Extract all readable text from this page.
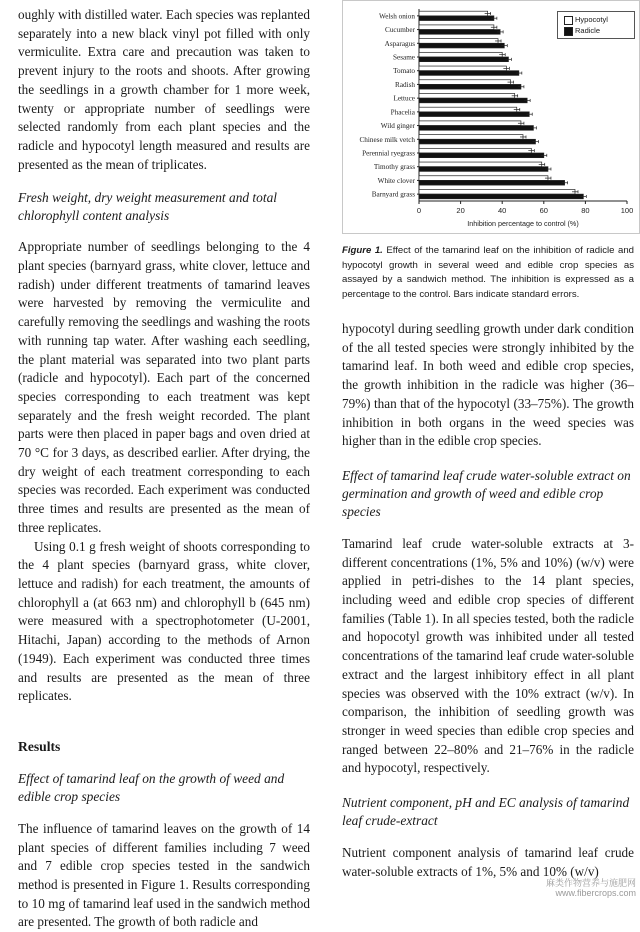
oughly with distilled water. Each species was replanted separately into a new black vinyl pot filled with only vermiculite. Extra care and precaution was taken to prevent injury to the roots and shoots. After growing the seedlings in a growth chamber for 1 more week, twenty or appropriate number of seedlings were selected randomly from each plant species and the radicle and hypocotyl length measured and results are presented as the mean of triplicates.

Fresh weight, dry weight measurement and total chlorophyll content analysis

Appropriate number of seedlings belonging to the 4 plant species (barnyard grass, white clover, lettuce and radish) under different treatments of tamarind leaves were harvested by removing the vermiculite and carefully removing the seedlings and washing the roots with running tap water. After washing each seedling, the plant material was separated into two plant parts (radicle and hypocotyl). Each part of the concerned species corresponding to each treatment was kept separately and the fresh weight recorded. The plant parts were then placed in paper bags and oven dried at 70 °C for 3 days, as described earlier. After drying, the dry weight of each treatment corresponding to each species was recorded. Each experiment was conducted three times and results are presented as the mean of three replicates.

Using 0.1 g fresh weight of shoots corresponding to the 4 plant species (barnyard grass, white clover, lettuce and radish) for each treatment, the amounts of chlorophyll a (at 663 nm) and chlorophyll b (645 nm) were measured with a spectrophotometer (U-2001, Hitachi, Japan) according to the methods of Arnon (1949). Each experiment was conducted three times and results are presented as the mean of three replicates.

Results
Effect of tamarind leaf on the growth of weed and edible crop species

The influence of tamarind leaves on the growth of 14 plant species of different families including 7 weed and 7 edible crop species tested in the sandwich method is presented in Figure 1. Results corresponding to 10 mg of tamarind leaf used in the sandwich method are presented. The growth of both radicle and

0	20	40	60	80	100
Inhibition percentage to control (%)
Welsh onion
Cucumber
Asparagus
Sesame
Tomato
Radish
Lettuce
Phacelia
Wild ginger
Chinese milk vetch
Perennial ryegrass
Timothy grass
White clover
Barnyard grass
Hypocotyl
Radicle
Figure 1. Effect of the tamarind leaf on the inhibition of radicle and hypocotyl growth in several weed and edible crop species as assayed by a sandwich method. The inhibition is expressed as a percentage to the control. Bars indicate standard errors.

hypocotyl during seedling growth under dark condition of the all tested species were strongly inhibited by the tamarind leaf. In both weed and edible crop species, the growth inhibition in the radicle was higher (36–79%) than that of the hypocotyl (33–75%). The growth inhibition in both organs in the weed species was higher than in the edible crop species.

Effect of tamarind leaf crude water-soluble extract on germination and growth of weed and edible crop species

Tamarind leaf crude water-soluble extracts at 3-different concentrations (1%, 5% and 10%) (w/v) were applied in petri-dishes to the 14 plant species, including weed and edible crop species of different families (Table 1). In all species tested, both the radicle and hopocotyl growth was inhibited under all tested concentrations of the tamarind leaf crude water-soluble extract and the largest inhibitory effect in all plant species was observed with the 10% extract (w/v). In comparison, the inhibition of seedling growth was stronger in weed species than edible crop species and ranged between 22–80% and 21–76% in the radicle and hypocotyl, respectively.

Nutrient component, pH and EC analysis of tamarind leaf crude-extract

Nutrient component analysis of tamarind leaf crude water-soluble extracts of 1%, 5% and 10% (w/v)

麻类作物营养与施肥网
www.fibercrops.com
